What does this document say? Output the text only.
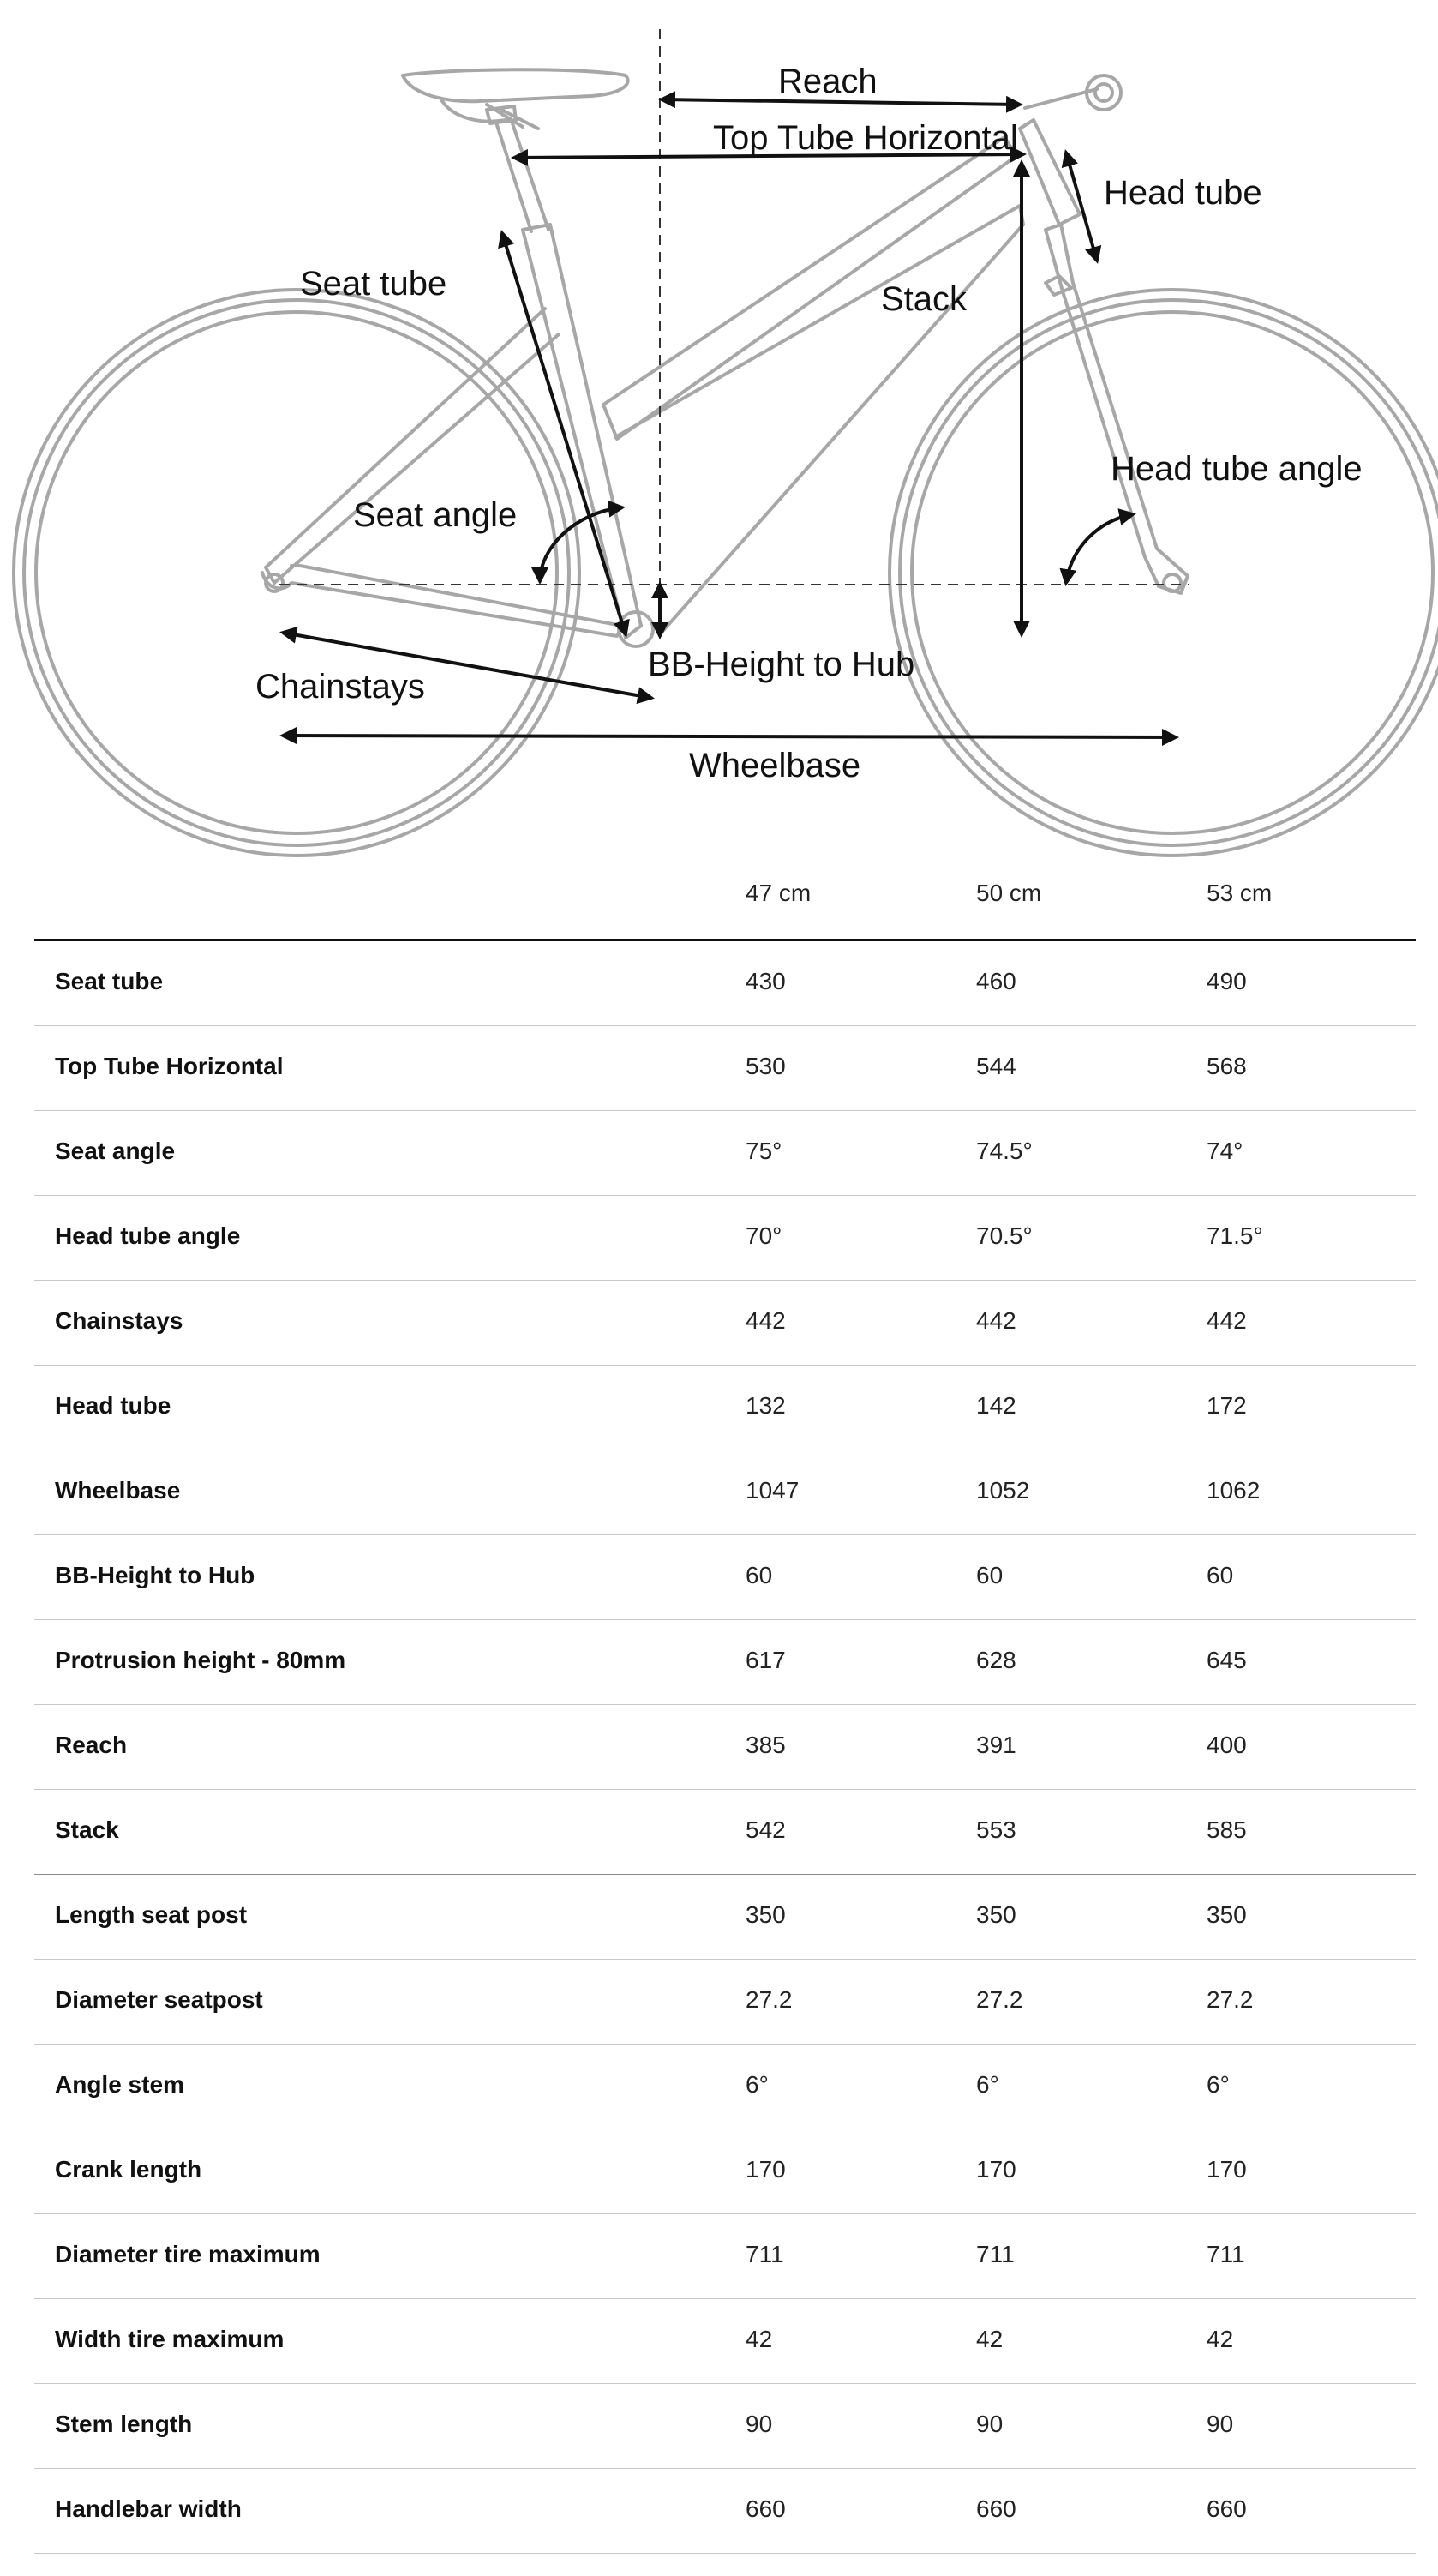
Reach
Top Tube Horizontal
Head tube
Seat tube	Stack
Seat angle
Head tube angle
BB-Height to Hub
Chainstays
Wheelbase
47 cm	50 cm	53 cm
Seat tube	430	460	490
Top Tube Horizontal	530	544	568
Seat angle	75°	74.5°	74°
Head tube angle	70°	70.5°	71.5°
Chainstays	442	442	442
Head tube	132	142	172
Wheelbase	1047	1052	1062
BB-Height to Hub	60	60	60
Protrusion height - 80mm	617	628	645
Reach	385	391	400
Stack	542	553	585
Length seat post	350	350	350
Diameter seatpost	27.2	27.2	27.2
Angle stem	6°	6°	6°
Crank length	170	170	170
Diameter tire maximum	711	711	711
Width tire maximum	42	42	42
Stem length	90	90	90
Handlebar width	660	660	660
